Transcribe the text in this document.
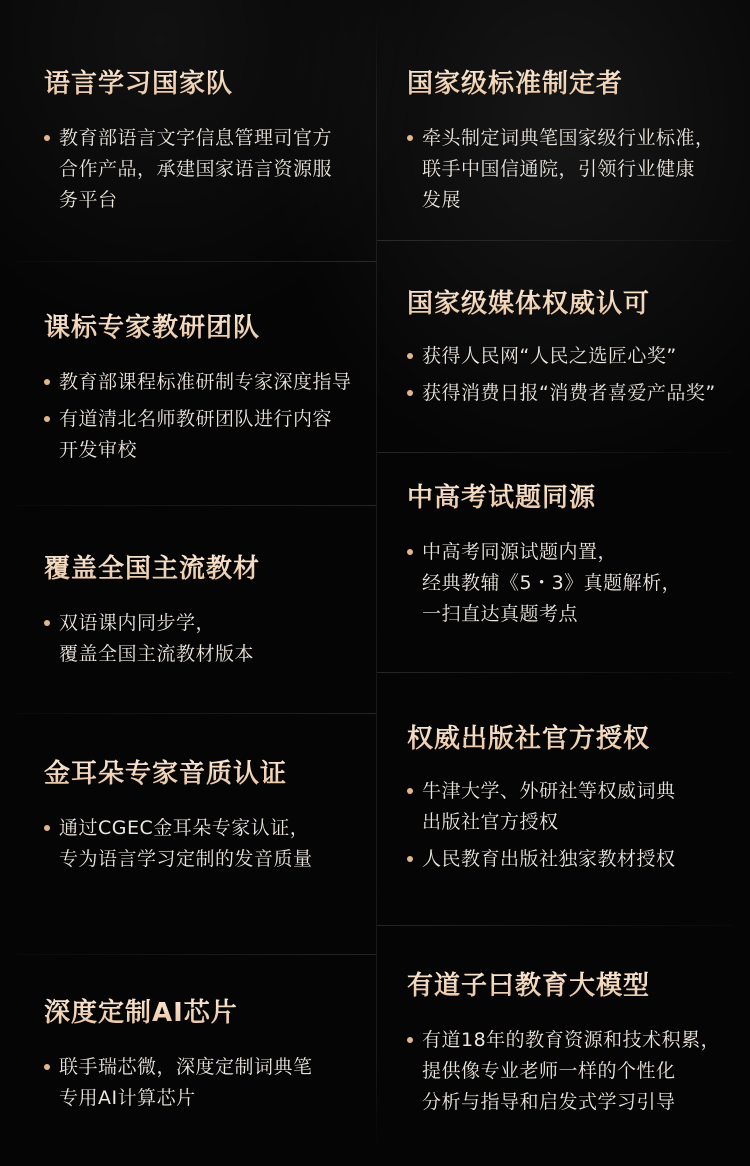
语言学习国家队
教育部语言文字信息管理司官方
合作产品，承建国家语言资源服
务平台
课标专家教研团队
教育部课程标准研制专家深度指导
有道清北名师教研团队进行内容
开发审校
覆盖全国主流教材
双语课内同步学，
覆盖全国主流教材版本
金耳朵专家音质认证
通过CGEC金耳朵专家认证，
专为语言学习定制的发音质量
深度定制AI芯片
联手瑞芯微，深度定制词典笔
专用AI计算芯片
国家级标准制定者
牵头制定词典笔国家级行业标准，
联手中国信通院，引领行业健康
发展
国家级媒体权威认可
获得人民网“人民之选匠心奖”
获得消费日报“消费者喜爱产品奖”
中高考试题同源
中高考同源试题内置，
经典教辅《5・3》真题解析，
一扫直达真题考点
权威出版社官方授权
牛津大学、外研社等权威词典
出版社官方授权
人民教育出版社独家教材授权
有道子曰教育大模型
有道18年的教育资源和技术积累，
提供像专业老师一样的个性化
分析与指导和启发式学习引导
